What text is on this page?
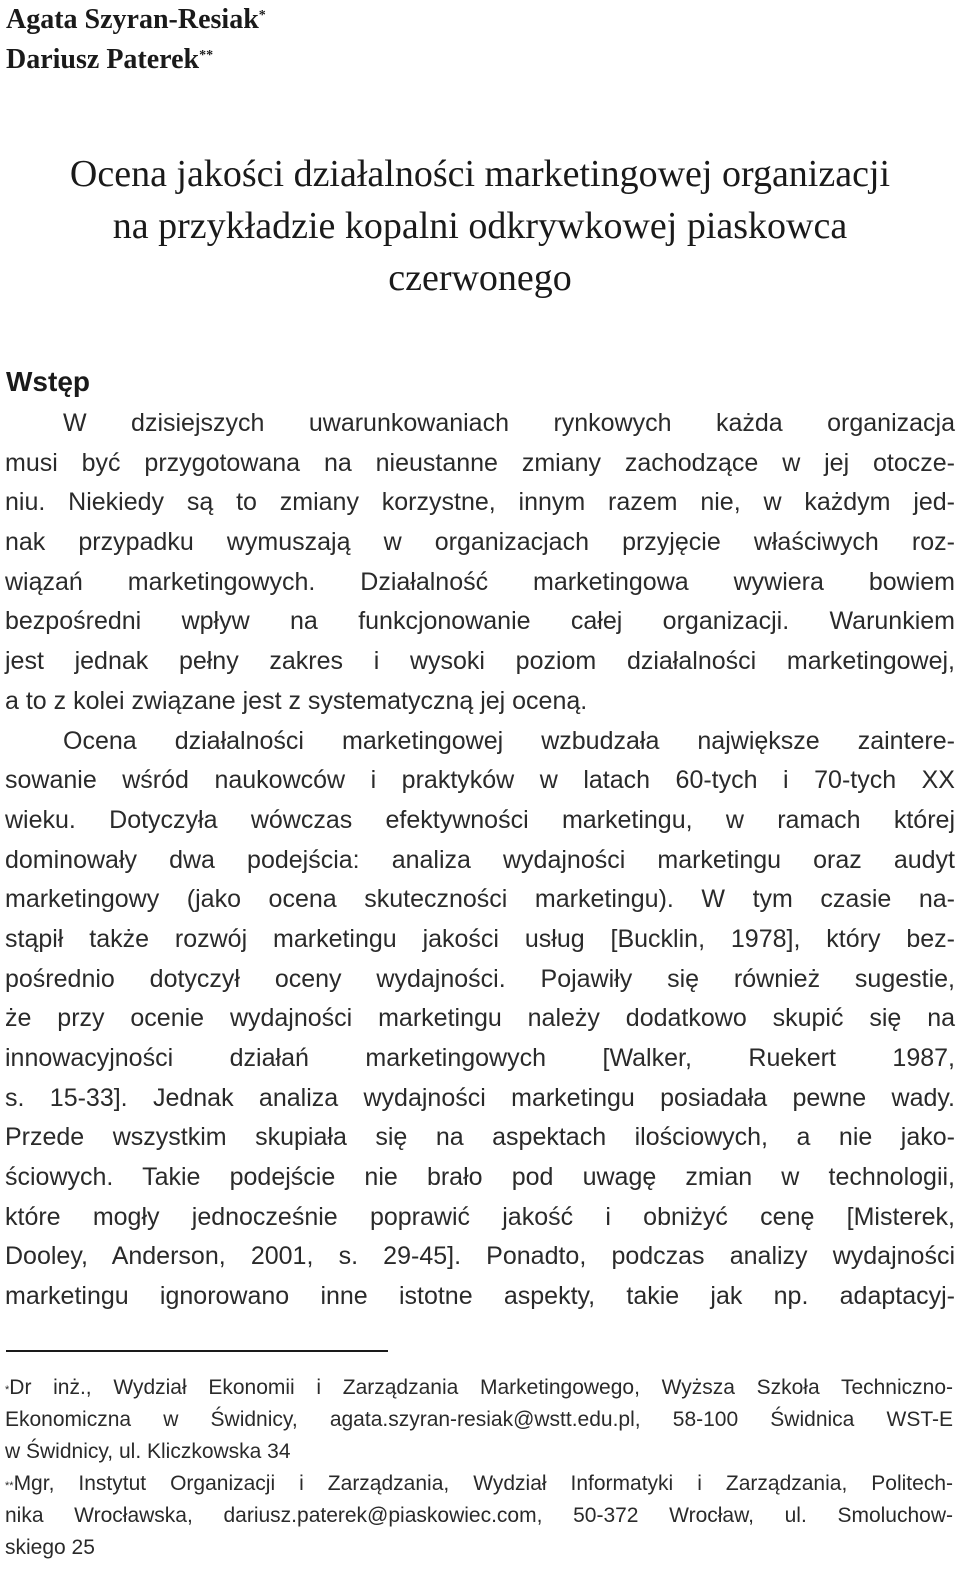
Agata Szyran-Resiak*
Dariusz Paterek**
Ocena jakości działalności marketingowej organizacji
na przykładzie kopalni odkrywkowej piaskowca
czerwonego
Wstęp
W dzisiejszych uwarunkowaniach rynkowych każda organizacja
musi być przygotowana na nieustanne zmiany zachodzące w jej otocze-
niu. Niekiedy są to zmiany korzystne, innym razem nie, w każdym jed-
nak przypadku wymuszają w organizacjach przyjęcie właściwych roz-
wiązań marketingowych. Działalność marketingowa wywiera bowiem
bezpośredni wpływ na funkcjonowanie całej organizacji. Warunkiem
jest jednak pełny zakres i wysoki poziom działalności marketingowej,
a to z kolei związane jest z systematyczną jej oceną.
Ocena działalności marketingowej wzbudzała największe zaintere-
sowanie wśród naukowców i praktyków w latach 60-tych i 70-tych XX
wieku. Dotyczyła wówczas efektywności marketingu, w ramach której
dominowały dwa podejścia: analiza wydajności marketingu oraz audyt
marketingowy (jako ocena skuteczności marketingu). W tym czasie na-
stąpił także rozwój marketingu jakości usług [Bucklin, 1978], który bez-
pośrednio dotyczył oceny wydajności. Pojawiły się również sugestie,
że przy ocenie wydajności marketingu należy dodatkowo skupić się na
innowacyjności działań marketingowych [Walker, Ruekert 1987,
s. 15-33]. Jednak analiza wydajności marketingu posiadała pewne wady.
Przede wszystkim skupiała się na aspektach ilościowych, a nie jako-
ściowych. Takie podejście nie brało pod uwagę zmian w technologii,
które mogły jednocześnie poprawić jakość i obniżyć cenę [Misterek,
Dooley, Anderson, 2001, s. 29-45]. Ponadto, podczas analizy wydajności
marketingu ignorowano inne istotne aspekty, takie jak np. adaptacyj-
*Dr inż., Wydział Ekonomii i Zarządzania Marketingowego, Wyższa Szkoła Techniczno-
Ekonomiczna w Świdnicy, agata.szyran-resiak@wstt.edu.pl, 58-100 Świdnica WST-E
w Świdnicy, ul. Kliczkowska 34
**Mgr, Instytut Organizacji i Zarządzania, Wydział Informatyki i Zarządzania, Politech-
nika Wrocławska, dariusz.paterek@piaskowiec.com, 50-372 Wrocław, ul. Smoluchow-
skiego 25
